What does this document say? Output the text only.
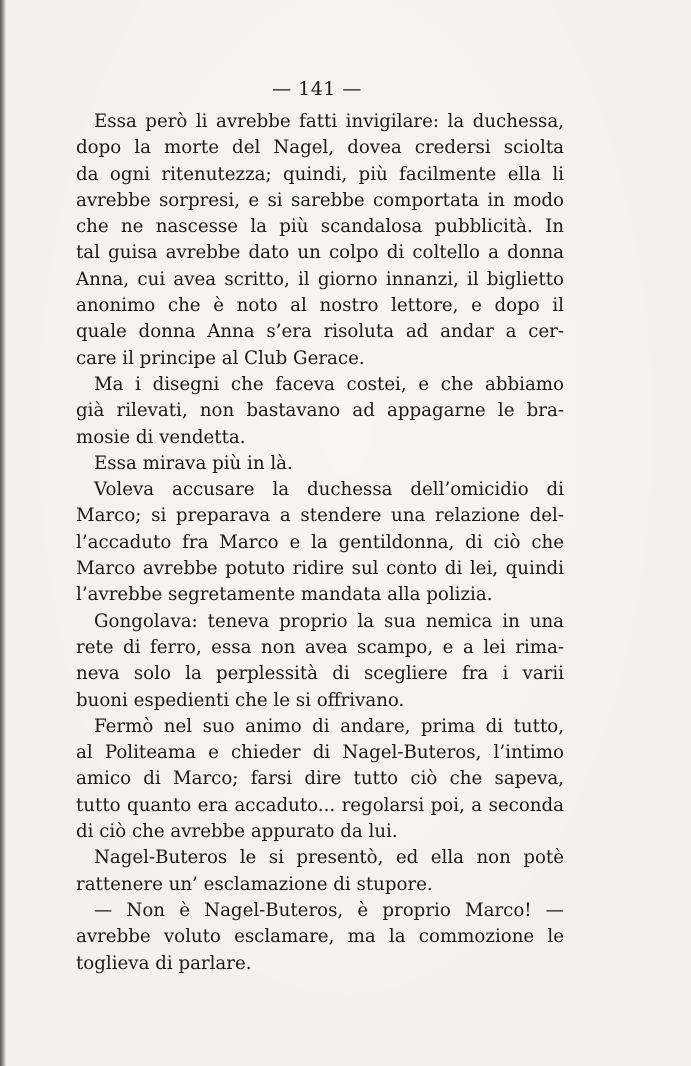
— 141 —
Essa però li avrebbe fatti invigilare: la duchessa,
dopo la morte del Nagel, dovea credersi sciolta
da ogni ritenutezza; quindi, più facilmente ella li
avrebbe sorpresi, e si sarebbe comportata in modo
che ne nascesse la più scandalosa pubblicità. In
tal guisa avrebbe dato un colpo di coltello a donna
Anna, cui avea scritto, il giorno innanzi, il biglietto
anonimo che è noto al nostro lettore, e dopo il
quale donna Anna s’era risoluta ad andar a cer-
care il principe al Club Gerace.
Ma i disegni che faceva costei, e che abbiamo
già rilevati, non bastavano ad appagarne le bra-
mosie di vendetta.
Essa mirava più in là.
Voleva accusare la duchessa dell’omicidio di
Marco; si preparava a stendere una relazione del-
l’accaduto fra Marco e la gentildonna, di ciò che
Marco avrebbe potuto ridire sul conto di lei, quindi
l’avrebbe segretamente mandata alla polizia.
Gongolava: teneva proprio la sua nemica in una
rete di ferro, essa non avea scampo, e a lei rima-
neva solo la perplessità di scegliere fra i varii
buoni espedienti che le si offrivano.
Fermò nel suo animo di andare, prima di tutto,
al Politeama e chieder di Nagel-Buteros, l’intimo
amico di Marco; farsi dire tutto ciò che sapeva,
tutto quanto era accaduto... regolarsi poi, a seconda
di ciò che avrebbe appurato da lui.
Nagel-Buteros le si presentò, ed ella non potè
rattenere un’ esclamazione di stupore.
— Non è Nagel-Buteros, è proprio Marco! —
avrebbe voluto esclamare, ma la commozione le
toglieva di parlare.
